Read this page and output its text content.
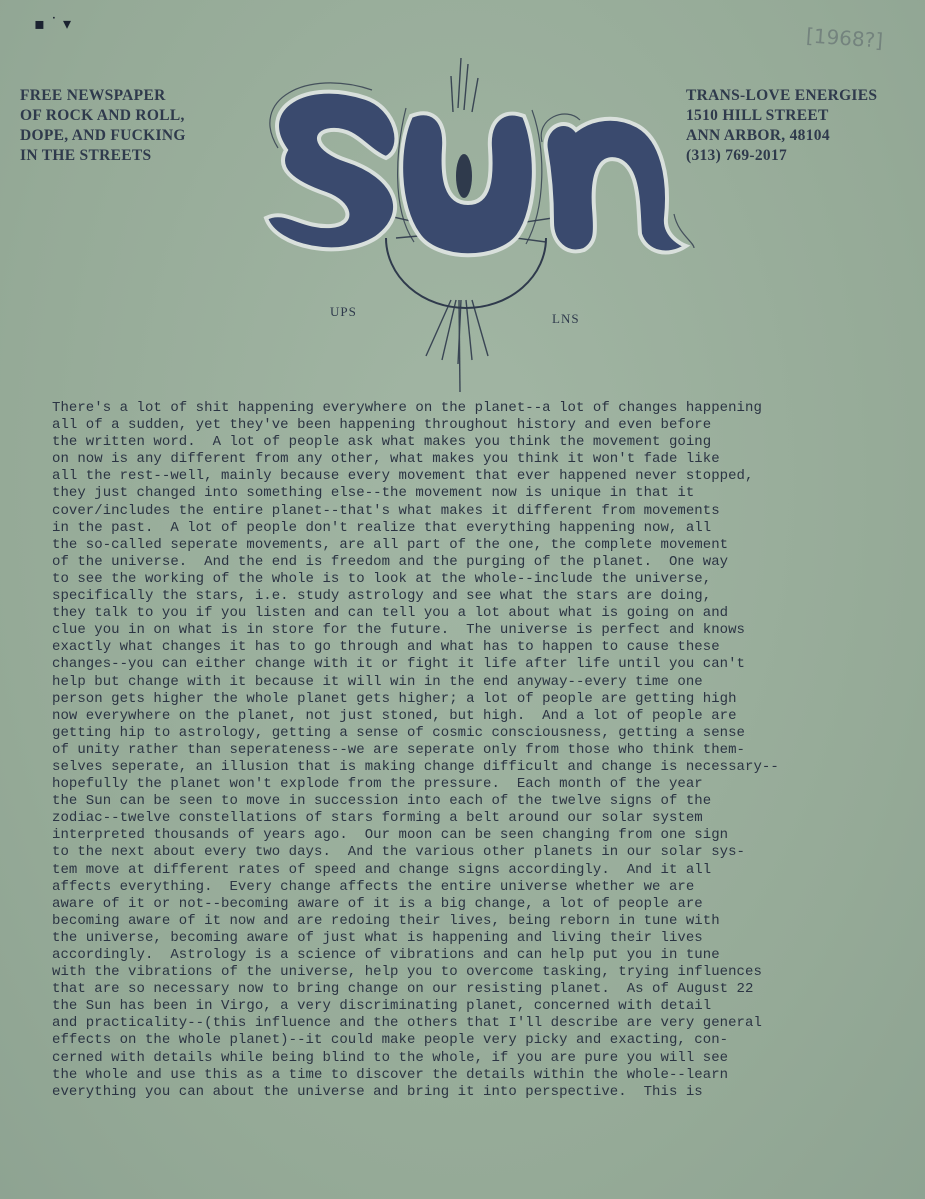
▪ ˙ ▾	[1968?]
FREE NEWSPAPER
OF ROCK AND ROLL,
DOPE, AND FUCKING
IN THE STREETS
TRANS-LOVE ENERGIES
1510 HILL STREET
ANN ARBOR, 48104
(313) 769-2017
UPS	LNS
There's a lot of shit happening everywhere on the planet--a lot of changes happening
all of a sudden, yet they've been happening throughout history and even before
the written word.  A lot of people ask what makes you think the movement going
on now is any different from any other, what makes you think it won't fade like
all the rest--well, mainly because every movement that ever happened never stopped,
they just changed into something else--the movement now is unique in that it
cover/includes the entire planet--that's what makes it different from movements
in the past.  A lot of people don't realize that everything happening now, all
the so-called seperate movements, are all part of the one, the complete movement
of the universe.  And the end is freedom and the purging of the planet.  One way
to see the working of the whole is to look at the whole--include the universe,
specifically the stars, i.e. study astrology and see what the stars are doing,
they talk to you if you listen and can tell you a lot about what is going on and
clue you in on what is in store for the future.  The universe is perfect and knows
exactly what changes it has to go through and what has to happen to cause these
changes--you can either change with it or fight it life after life until you can't
help but change with it because it will win in the end anyway--every time one
person gets higher the whole planet gets higher; a lot of people are getting high
now everywhere on the planet, not just stoned, but high.  And a lot of people are
getting hip to astrology, getting a sense of cosmic consciousness, getting a sense
of unity rather than seperateness--we are seperate only from those who think them-
selves seperate, an illusion that is making change difficult and change is necessary--
hopefully the planet won't explode from the pressure.  Each month of the year
the Sun can be seen to move in succession into each of the twelve signs of the
zodiac--twelve constellations of stars forming a belt around our solar system
interpreted thousands of years ago.  Our moon can be seen changing from one sign
to the next about every two days.  And the various other planets in our solar sys-
tem move at different rates of speed and change signs accordingly.  And it all
affects everything.  Every change affects the entire universe whether we are
aware of it or not--becoming aware of it is a big change, a lot of people are
becoming aware of it now and are redoing their lives, being reborn in tune with
the universe, becoming aware of just what is happening and living their lives
accordingly.  Astrology is a science of vibrations and can help put you in tune
with the vibrations of the universe, help you to overcome tasking, trying influences
that are so necessary now to bring change on our resisting planet.  As of August 22
the Sun has been in Virgo, a very discriminating planet, concerned with detail
and practicality--(this influence and the others that I'll describe are very general
effects on the whole planet)--it could make people very picky and exacting, con-
cerned with details while being blind to the whole, if you are pure you will see
the whole and use this as a time to discover the details within the whole--learn
everything you can about the universe and bring it into perspective.  This is
